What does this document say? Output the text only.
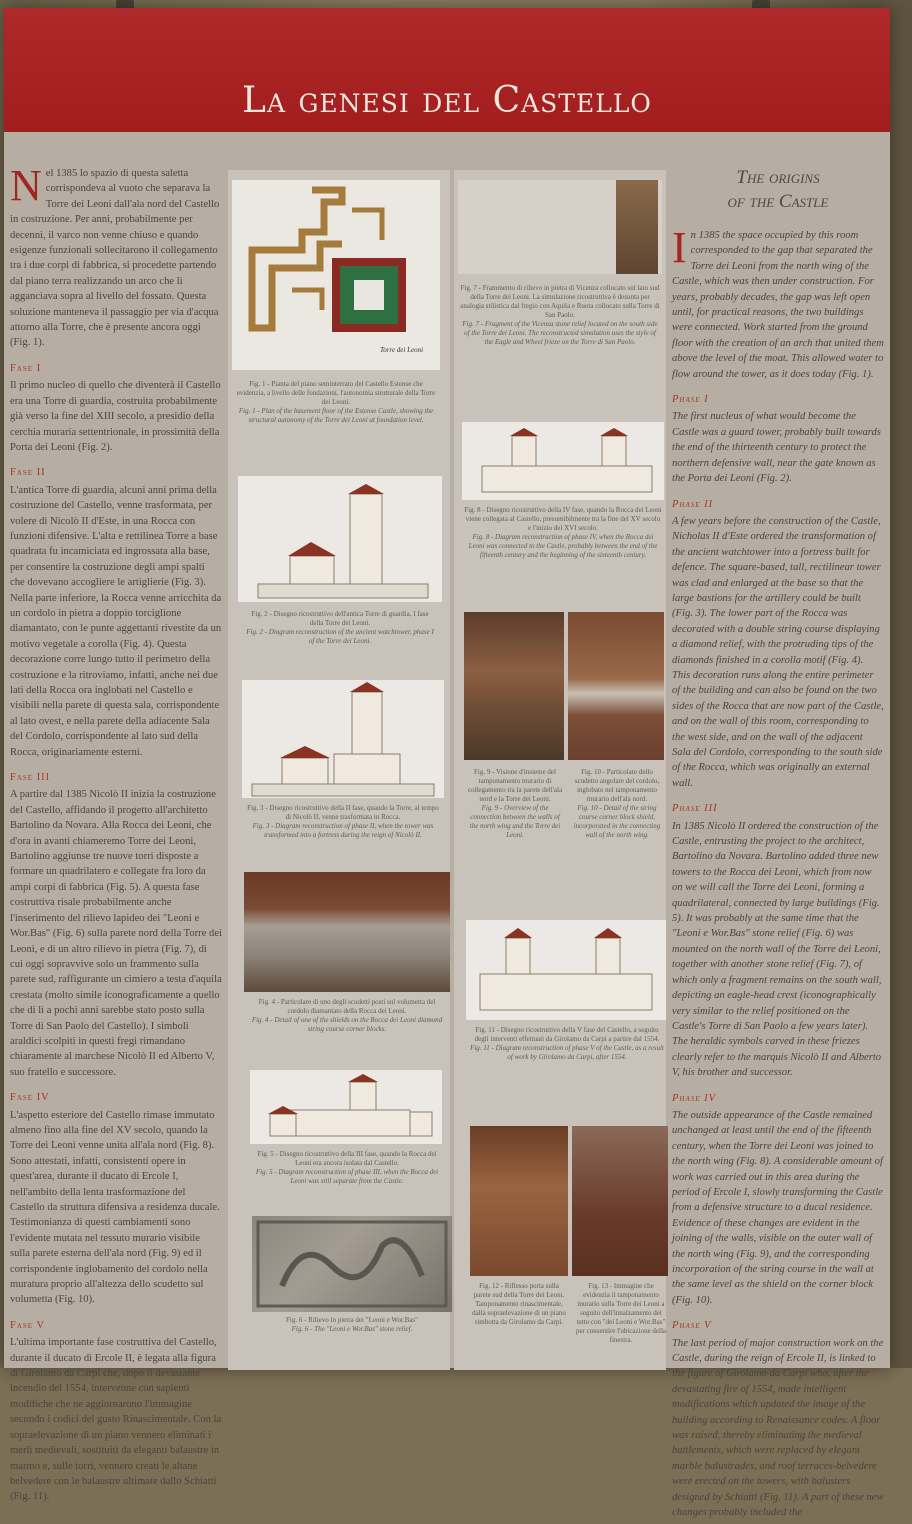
La genesi del Castello

Nel 1385 lo spazio di questa saletta corrispondeva al vuoto che separava la Torre dei Leoni dall'ala nord del Castello in costruzione. Per anni, probabilmente per decenni, il varco non venne chiuso e quando esigenze funzionali sollecitarono il collegamento tra i due corpi di fabbrica, si procedette partendo dal piano terra realizzando un arco che li agganciava sopra al livello del fossato. Questa soluzione manteneva il passaggio per via d'acqua attorno alla Torre, che è presente ancora oggi (Fig. 1).

Fase I

Il primo nucleo di quello che diventerà il Castello era una Torre di guardia, costruita probabilmente già verso la fine del XIII secolo, a presidio della cerchia muraria settentrionale, in prossimità della Porta dei Leoni (Fig. 2).

Fase II

L'antica Torre di guardia, alcuni anni prima della costruzione del Castello, venne trasformata, per volere di Nicolò II d'Este, in una Rocca con funzioni difensive. L'alta e rettilinea Torre a base quadrata fu incamiciata ed ingrossata alla base, per consentire la costruzione degli ampi spalti che dovevano accogliere le artiglierie (Fig. 3). Nella parte inferiore, la Rocca venne arricchita da un cordolo in pietra a doppio torciglione diamantato, con le punte aggettanti rivestite da un motivo vegetale a corolla (Fig. 4). Questa decorazione corre lungo tutto il perimetro della costruzione e la ritroviamo, infatti, anche nei due lati della Rocca ora inglobati nel Castello e visibili nella parete di questa sala, corrispondente al lato ovest, e nella parete della adiacente Sala del Cordolo, corrispondente al lato sud della Rocca, originariamente esterni.

Fase III

A partire dal 1385 Nicolò II inizia la costruzione del Castello, affidando il progetto all'architetto Bartolino da Novara. Alla Rocca dei Leoni, che d'ora in avanti chiameremo Torre dei Leoni, Bartolino aggiunse tre nuove torri disposte a formare un quadrilatero e collegate fra loro da ampi corpi di fabbrica (Fig. 5). A questa fase costruttiva risale probabilmente anche l'inserimento del rilievo lapideo dei "Leoni e Wor.Bas" (Fig. 6) sulla parete nord della Torre dei Leoni, e di un altro rilievo in pietra (Fig. 7), di cui oggi sopravvive solo un frammento sulla parete sud, raffigurante un cimiero a testa d'aquila crestata (molto simile iconograficamente a quello che di lì a pochi anni sarebbe stato posto sulla Torre di San Paolo del Castello). I simboli araldici scolpiti in questi fregi rimandano chiaramente al marchese Nicolò II ed Alberto V, suo fratello e successore.

Fase IV

L'aspetto esteriore del Castello rimase immutato almeno fino alla fine del XV secolo, quando la Torre dei Leoni venne unita all'ala nord (Fig. 8). Sono attestati, infatti, consistenti opere in quest'area, durante il ducato di Ercole I, nell'ambito della lenta trasformazione del Castello da struttura difensiva a residenza ducale. Testimonianza di questi cambiamenti sono l'evidente mutata nel tessuto murario visibile sulla parete esterna dell'ala nord (Fig. 9) ed il corrispondente inglobamento del cordolo nella muratura proprio all'altezza dello scudetto sul volumetta (Fig. 10).

Fase V

L'ultima importante fase costruttiva del Castello, durante il ducato di Ercole II, è legata alla figura di Girolamo da Carpi che, dopo il devastante incendio del 1554, intervenne con sapienti modifiche che ne aggiornarono l'immagine secondo i codici del gusto Rinascimentale. Con la sopraelevazione di un piano vennero eliminati i merli medievali, sostituiti da eleganti balaustre in marmo e, sulle torri, vennero creati le altane belvedere con le balaustre ultimate dallo Schiatti (Fig. 11).

Torre dei Leoni
Fig. 1 - Pianta del piano seminterrato del Castello Estense che evidenzia, a livello delle fondazioni, l'autonomia strutturale della Torre dei Leoni.
Fig. 1 - Plan of the basement floor of the Estense Castle, showing the structural autonomy of the Torre dei Leoni at foundation level.
Fig. 2 - Disegno ricostruttivo dell'antica Torre di guardia, I fase della Torre dei Leoni.
Fig. 2 - Diagram reconstruction of the ancient watchtower, phase I of the Torre dei Leoni.
Fig. 3 - Disegno ricostruttivo della II fase, quando la Torre, al tempo di Nicolò II, venne trasformata in Rocca.
Fig. 3 - Diagram reconstruction of phase II, when the tower was transformed into a fortress during the reign of Nicolò II.
Fig. 4 - Particolare di uno degli scudetti posti sul volumetta del cordolo diamantato della Rocca dei Leoni.
Fig. 4 - Detail of one of the shields on the Rocca dei Leoni diamond string course corner blocks.
Fig. 5 - Disegno ricostruttivo della III fase, quando la Rocca dei Leoni era ancora isolata dal Castello.
Fig. 5 - Diagram reconstruction of phase III, when the Rocca dei Leoni was still separate from the Castle.
Fig. 6 - Rilievo in pietra dei "Leoni e Wor.Bas"
Fig. 6 - The "Leoni e Wor.Bas" stone relief.
Fig. 7 - Frammento di rilievo in pietra di Vicenza collocato sul lato sud della Torre dei Leoni. La simulazione ricostruttiva è desunta per analogia stilistica dal fregio con Aquila e Ruota collocato sulla Torre di San Paolo.
Fig. 7 - Fragment of the Vicenza stone relief located on the south side of the Torre dei Leoni. The reconstructed simulation uses the style of the Eagle and Wheel frieze on the Torre di San Paolo.
Fig. 8 - Disegno ricostruttivo della IV fase, quando la Rocca dei Leoni viene collegata al Castello, presumibilmente tra la fine del XV secolo e l'inizio del XVI secolo.
Fig. 8 - Diagram reconstruction of phase IV, when the Rocca dei Leoni was connected to the Castle, probably between the end of the fifteenth century and the beginning of the sixteenth century.
Fig. 9 - Visione d'insieme del tamponamento murario di collegamento tra la parete dell'ala nord e la Torre dei Leoni.
Fig. 9 - Overview of the connection between the walls of the north wing and the Torre dei Leoni.
Fig. 10 - Particolare dello scudetto angolare del cordolo, inglobato nel tamponamento murario dell'ala nord.
Fig. 10 - Detail of the string course corner block shield, incorporated in the connecting wall of the north wing.
Fig. 11 - Disegno ricostruttivo della V fase del Castello, a seguito degli interventi effettuati da Girolamo da Carpi a partire dal 1554.
Fig. 11 - Diagram reconstruction of phase V of the Castle, as a result of work by Girolamo da Carpi, after 1554.
Fig. 12 - Riflesso porta sulla parete sud della Torre dei Leoni. Tamponamento rinascimentale, dalla sopraelevazione di un piano rimbotta da Girolamo da Carpi.
Fig. 13 - Immagine che evidenzia il tamponamento murario sulla Torre dei Leoni a seguito dell'innalzamento del tetto con "dei Leoni e Wor.Bas" per consentire l'ubicazione della finestra.
The origins
of the Castle

In 1385 the space occupied by this room corresponded to the gap that separated the Torre dei Leoni from the north wing of the Castle, which was then under construction. For years, probably decades, the gap was left open until, for practical reasons, the two buildings were connected. Work started from the ground floor with the creation of an arch that united them above the level of the moat. This allowed water to flow around the tower, as it does today (Fig. 1).

Phase I

The first nucleus of what would become the Castle was a guard tower, probably built towards the end of the thirteenth century to protect the northern defensive wall, near the gate known as the Porta dei Leoni (Fig. 2).

Phase II

A few years before the construction of the Castle, Nicholas II d'Este ordered the transformation of the ancient watchtower into a fortress built for defence. The square-based, tall, rectilinear tower was clad and enlarged at the base so that the large bastions for the artillery could be built (Fig. 3). The lower part of the Rocca was decorated with a double string course displaying a diamond relief, with the protruding tips of the diamonds finished in a corolla motif (Fig. 4). This decoration runs along the entire perimeter of the building and can also be found on the two sides of the Rocca that are now part of the Castle, and on the wall of this room, corresponding to the west side, and on the wall of the adjacent Sala del Cordolo, corresponding to the south side of the Rocca, which was originally an external wall.

Phase III

In 1385 Nicolò II ordered the construction of the Castle, entrusting the project to the architect, Bartolino da Novara. Bartolino added three new towers to the Rocca dei Leoni, which from now on we will call the Torre dei Leoni, forming a quadrilateral, connected by large buildings (Fig. 5). It was probably at the same time that the "Leoni e Wor.Bas" stone relief (Fig. 6) was mounted on the north wall of the Torre dei Leoni, together with another stone relief (Fig. 7), of which only a fragment remains on the south wall, depicting an eagle-head crest (iconographically very similar to the relief positioned on the Castle's Torre di San Paolo a few years later). The heraldic symbols carved in these friezes clearly refer to the marquis Nicolò II and Alberto V, his brother and successor.

Phase IV

The outside appearance of the Castle remained unchanged at least until the end of the fifteenth century, when the Torre dei Leoni was joined to the north wing (Fig. 8). A considerable amount of work was carried out in this area during the period of Ercole I, slowly transforming the Castle from a defensive structure to a ducal residence. Evidence of these changes are evident in the joining of the walls, visible on the outer wall of the north wing (Fig. 9), and the corresponding incorporation of the string course in the wall at the same level as the shield on the corner block (Fig. 10).

Phase V

The last period of major construction work on the Castle, during the reign of Ercole II, is linked to the figure of Girolamo da Carpi who, after the devastating fire of 1554, made intelligent modifications which updated the image of the building according to Renaissance codes. A floor was raised, thereby eliminating the medieval battlements, which were replaced by elegant marble balustrades, and roof terraces-belvedere were erected on the towers, with balusters designed by Schiatti (Fig. 11). A part of these new changes probably included the
